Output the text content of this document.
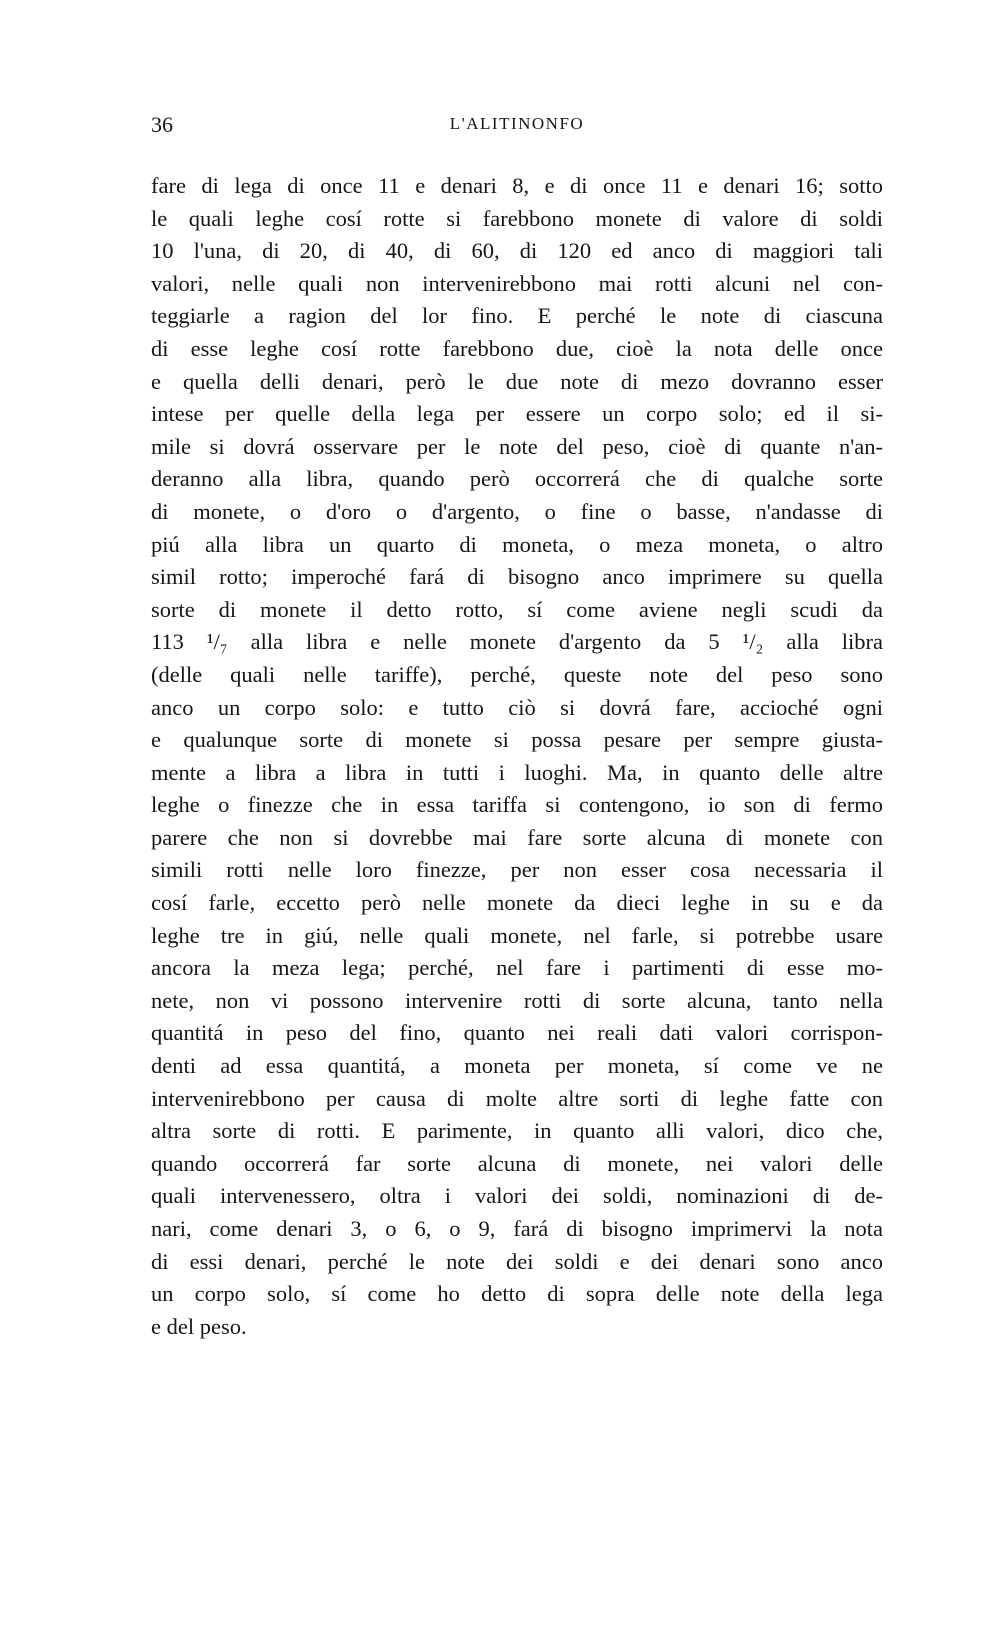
36	L'ALITINONFO
fare di lega di once 11 e denari 8, e di once 11 e denari 16; sotto
le quali leghe cosí rotte si farebbono monete di valore di soldi
10 l'una, di 20, di 40, di 60, di 120 ed anco di maggiori tali
valori, nelle quali non intervenirebbono mai rotti alcuni nel con-
teggiarle a ragion del lor fino. E perché le note di ciascuna
di esse leghe cosí rotte farebbono due, cioè la nota delle once
e quella delli denari, però le due note di mezo dovranno esser
intese per quelle della lega per essere un corpo solo; ed il si-
mile si dovrá osservare per le note del peso, cioè di quante n'an-
deranno alla libra, quando però occorrerá che di qualche sorte
di monete, o d'oro o d'argento, o fine o basse, n'andasse di
piú alla libra un quarto di moneta, o meza moneta, o altro
simil rotto; imperoché fará di bisogno anco imprimere su quella
sorte di monete il detto rotto, sí come aviene negli scudi da
113 ¹/₇ alla libra e nelle monete d'argento da 5 ¹/₂ alla libra
(delle quali nelle tariffe), perché, queste note del peso sono
anco un corpo solo: e tutto ciò si dovrá fare, accioché ogni
e qualunque sorte di monete si possa pesare per sempre giusta-
mente a libra a libra in tutti i luoghi. Ma, in quanto delle altre
leghe o finezze che in essa tariffa si contengono, io son di fermo
parere che non si dovrebbe mai fare sorte alcuna di monete con
simili rotti nelle loro finezze, per non esser cosa necessaria il
cosí farle, eccetto però nelle monete da dieci leghe in su e da
leghe tre in giú, nelle quali monete, nel farle, si potrebbe usare
ancora la meza lega; perché, nel fare i partimenti di esse mo-
nete, non vi possono intervenire rotti di sorte alcuna, tanto nella
quantitá in peso del fino, quanto nei reali dati valori corrispon-
denti ad essa quantitá, a moneta per moneta, sí come ve ne
intervenirebbono per causa di molte altre sorti di leghe fatte con
altra sorte di rotti. E parimente, in quanto alli valori, dico che,
quando occorrerá far sorte alcuna di monete, nei valori delle
quali intervenessero, oltra i valori dei soldi, nominazioni di de-
nari, come denari 3, o 6, o 9, fará di bisogno imprimervi la nota
di essi denari, perché le note dei soldi e dei denari sono anco
un corpo solo, sí come ho detto di sopra delle note della lega
e del peso.
